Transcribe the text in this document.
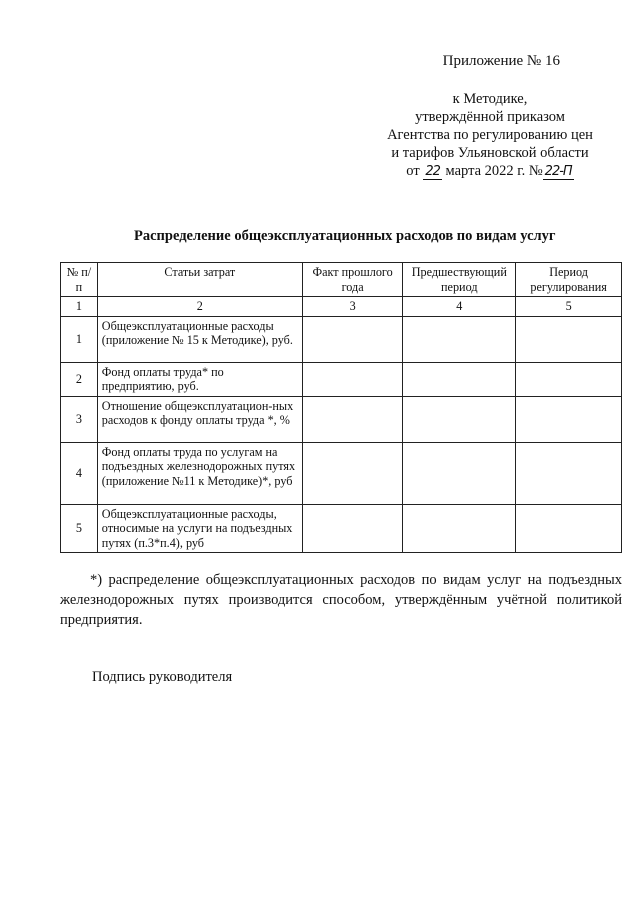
Приложение № 16
к Методике,
утверждённой приказом
Агентства по регулированию цен
и тарифов Ульяновской области
от 22 марта 2022 г. № 22-П
Распределение общеэксплуатационных расходов по видам услуг
№ п/п	Статьи затрат	Факт прошлого года	Предшествующий период	Период регулирования
1	2	3	4	5
1	Общеэксплуатационные расходы (приложение № 15 к Методике), руб.			
2	Фонд оплаты труда* по предприятию, руб.			
3	Отношение общеэксплуатацион-ных расходов к фонду оплаты труда *, %			
4	Фонд оплаты труда по услугам на подъездных железнодорожных путях (приложение №11 к Методике)*, руб			
5	Общеэксплуатационные расходы, относимые на услуги на подъездных путях (п.3*п.4), руб			
*) распределение общеэксплуатационных расходов по видам услуг на подъездных железнодорожных путях производится способом, утверждённым учётной политикой предприятия.
Подпись руководителя
